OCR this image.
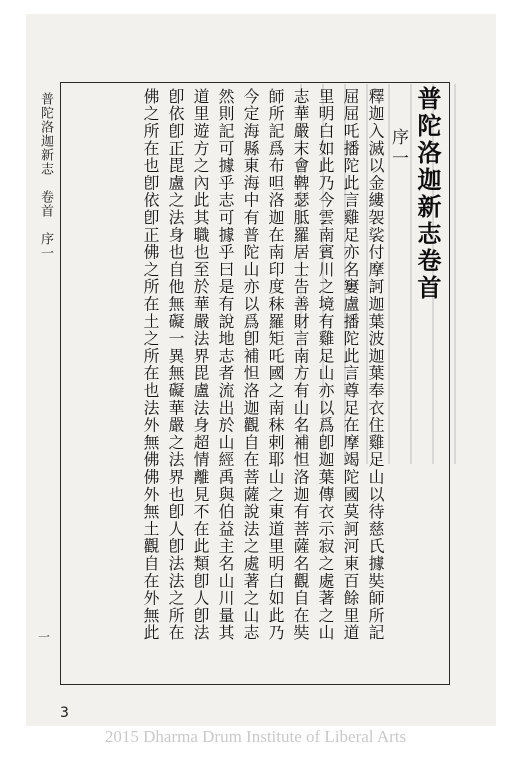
普陀洛迦新志卷首
序一
釋迦入滅以金縷袈裟付摩訶迦葉波迦葉奉衣住雞足山以待慈氏據奘師所記
屈屈吒播陀此言雞足亦名窶盧播陀此言尊足在摩竭陀國莫訶河東百餘里道
里明白如此乃今雲南賓川之境有雞足山亦以爲卽迦葉傳衣示寂之處著之山
志華嚴末會鞞瑟胝羅居士告善財言南方有山名補怛洛迦有菩薩名觀自在奘
師所記爲布呾洛迦在南印度秣羅矩吒國之南秣剌耶山之東道里明白如此乃
今定海縣東海中有普陀山亦以爲卽補怛洛迦觀自在菩薩說法之處著之山志
然則記可據乎志可據乎曰是有說地志者流出於山經禹與伯益主名山川量其
道里遊方之內此其職也至於華嚴法界毘盧法身超情離見不在此類卽人卽法
卽依卽正毘盧之法身也自他無礙一異無礙華嚴之法界也卽人卽法法之所在
佛之所在也卽依卽正佛之所在土之所在也法外無佛佛外無土觀自在外無此
普陀洛迦新志卷首序一
一
3
2015 Dharma Drum Institute of Liberal Arts
